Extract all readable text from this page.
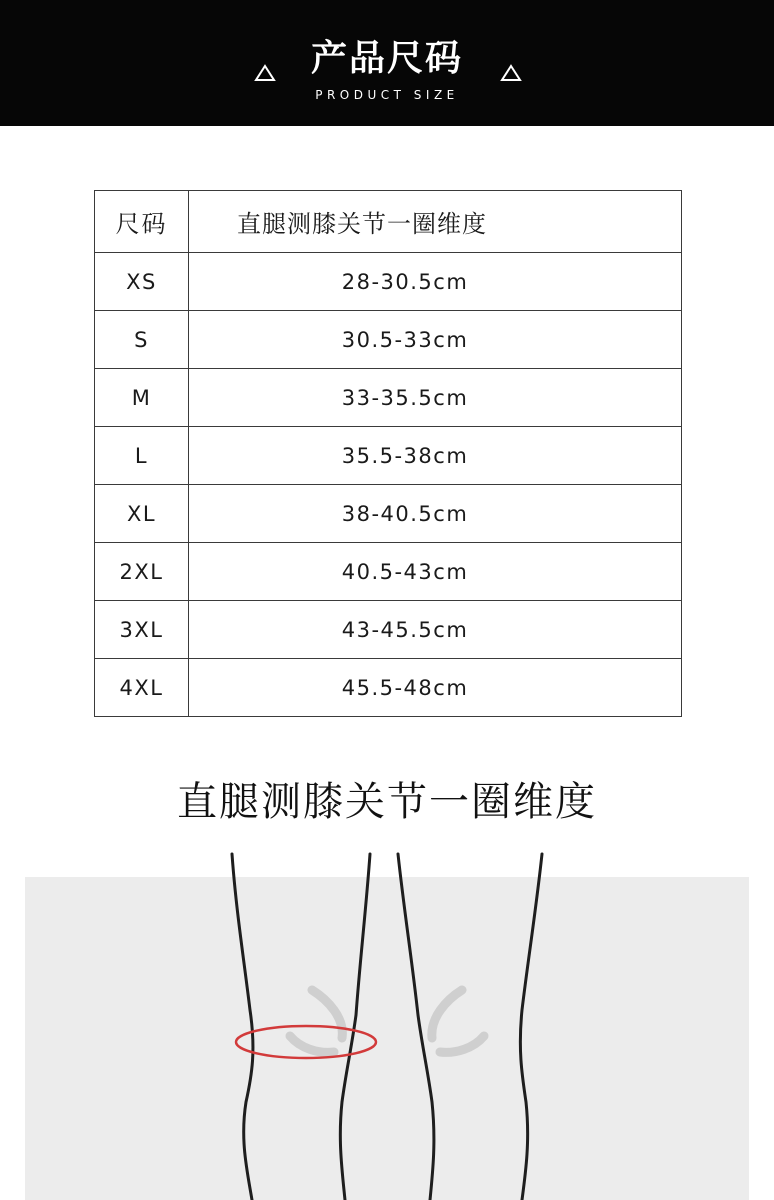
产品尺码
PRODUCT SIZE
尺码	直腿测膝关节一圈维度
XS	28-30.5cm
S	30.5-33cm
M	33-35.5cm
L	35.5-38cm
XL	38-40.5cm
2XL	40.5-43cm
3XL	43-45.5cm
4XL	45.5-48cm
直腿测膝关节一圈维度
